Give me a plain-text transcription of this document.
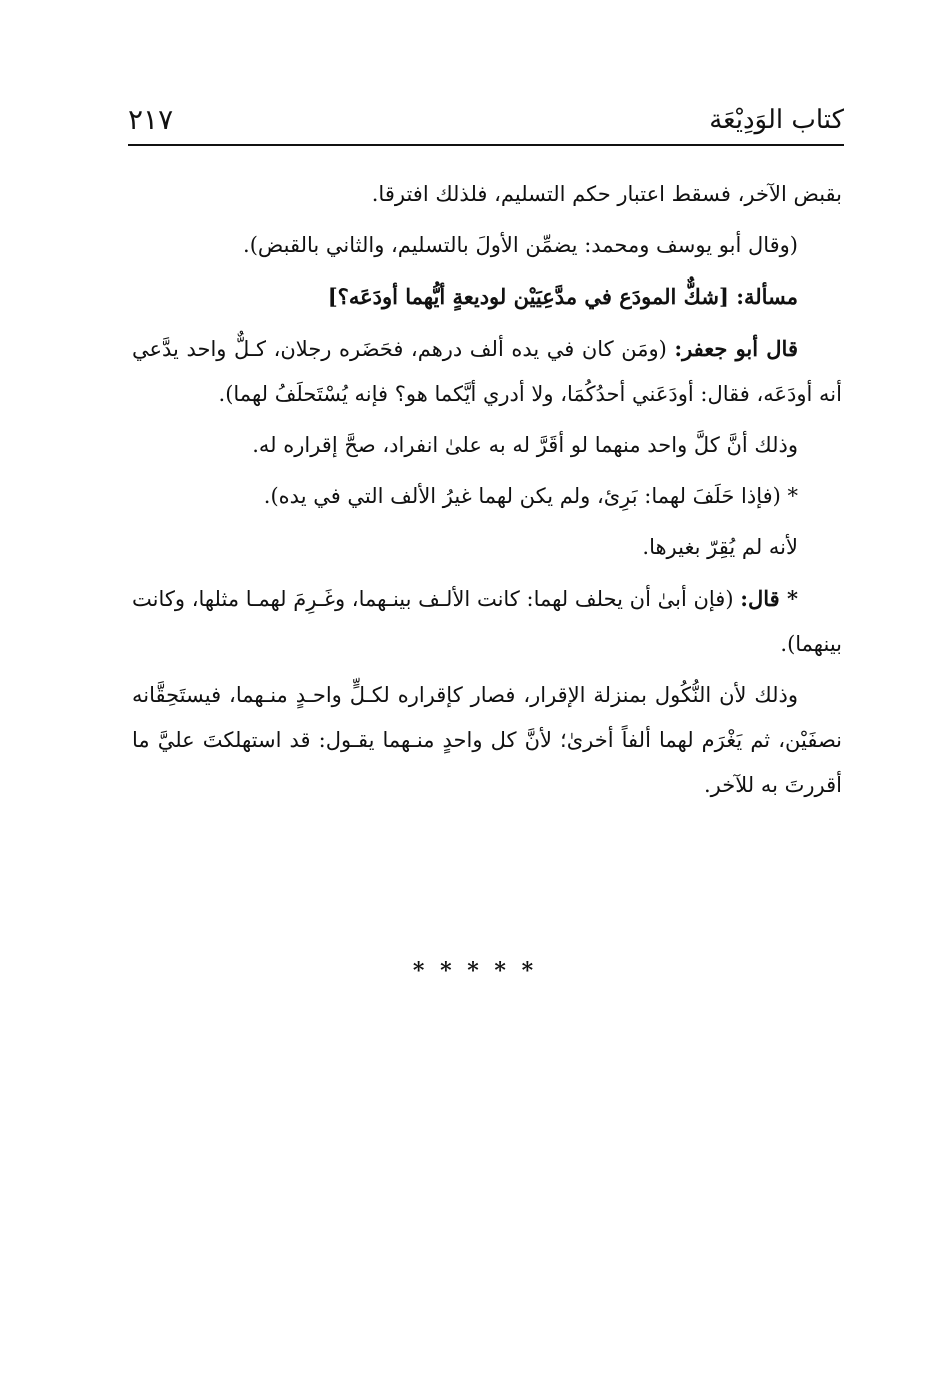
كتاب الوَدِيْعَة
٢١٧

بقبض الآخر، فسقط اعتبار حكم التسليم، فلذلك افترقا.

(وقال أبو يوسف ومحمد: يضمِّن الأولَ بالتسليم، والثاني بالقبض).

مسألة: [شكٌّ المودَع في مدَّعِيَيْن لوديعةٍ أيُّهما أودَعَه؟]

قال أبو جعفر: (ومَن كان في يده ألف درهم، فحَضَره رجلان، كـلٌّ واحد يدَّعي أنه أودَعَه، فقال: أودَعَني أحدُكُمَا، ولا أدري أيَّكما هو؟ فإنه يُسْتَحلَفُ لهما).

وذلك أنَّ كلَّ واحد منهما لو أقَرَّ له به علىٰ انفراد، صحَّ إقراره له.

* (فإذا حَلَفَ لهما: بَرِئ، ولم يكن لهما غيرُ الألف التي في يده).

لأنه لم يُقِرّ بغيرها.

* قال: (فإن أبىٰ أن يحلف لهما: كانت الألـف بينـهما، وغَـرِمَ لهمـا مثلها، وكانت بينهما).

وذلك لأن النُّكُول بمنزلة الإقرار، فصار كإقراره لكـلٍّ واحـدٍ منـهما، فيستَحِقَّانه نصفَيْن، ثم يَغْرَم لهما ألفاً أخرىٰ؛ لأنَّ كل واحدٍ منـهما يقـول: قد استهلكتَ عليَّ ما أقررتَ به للآخر.

* * * * *
